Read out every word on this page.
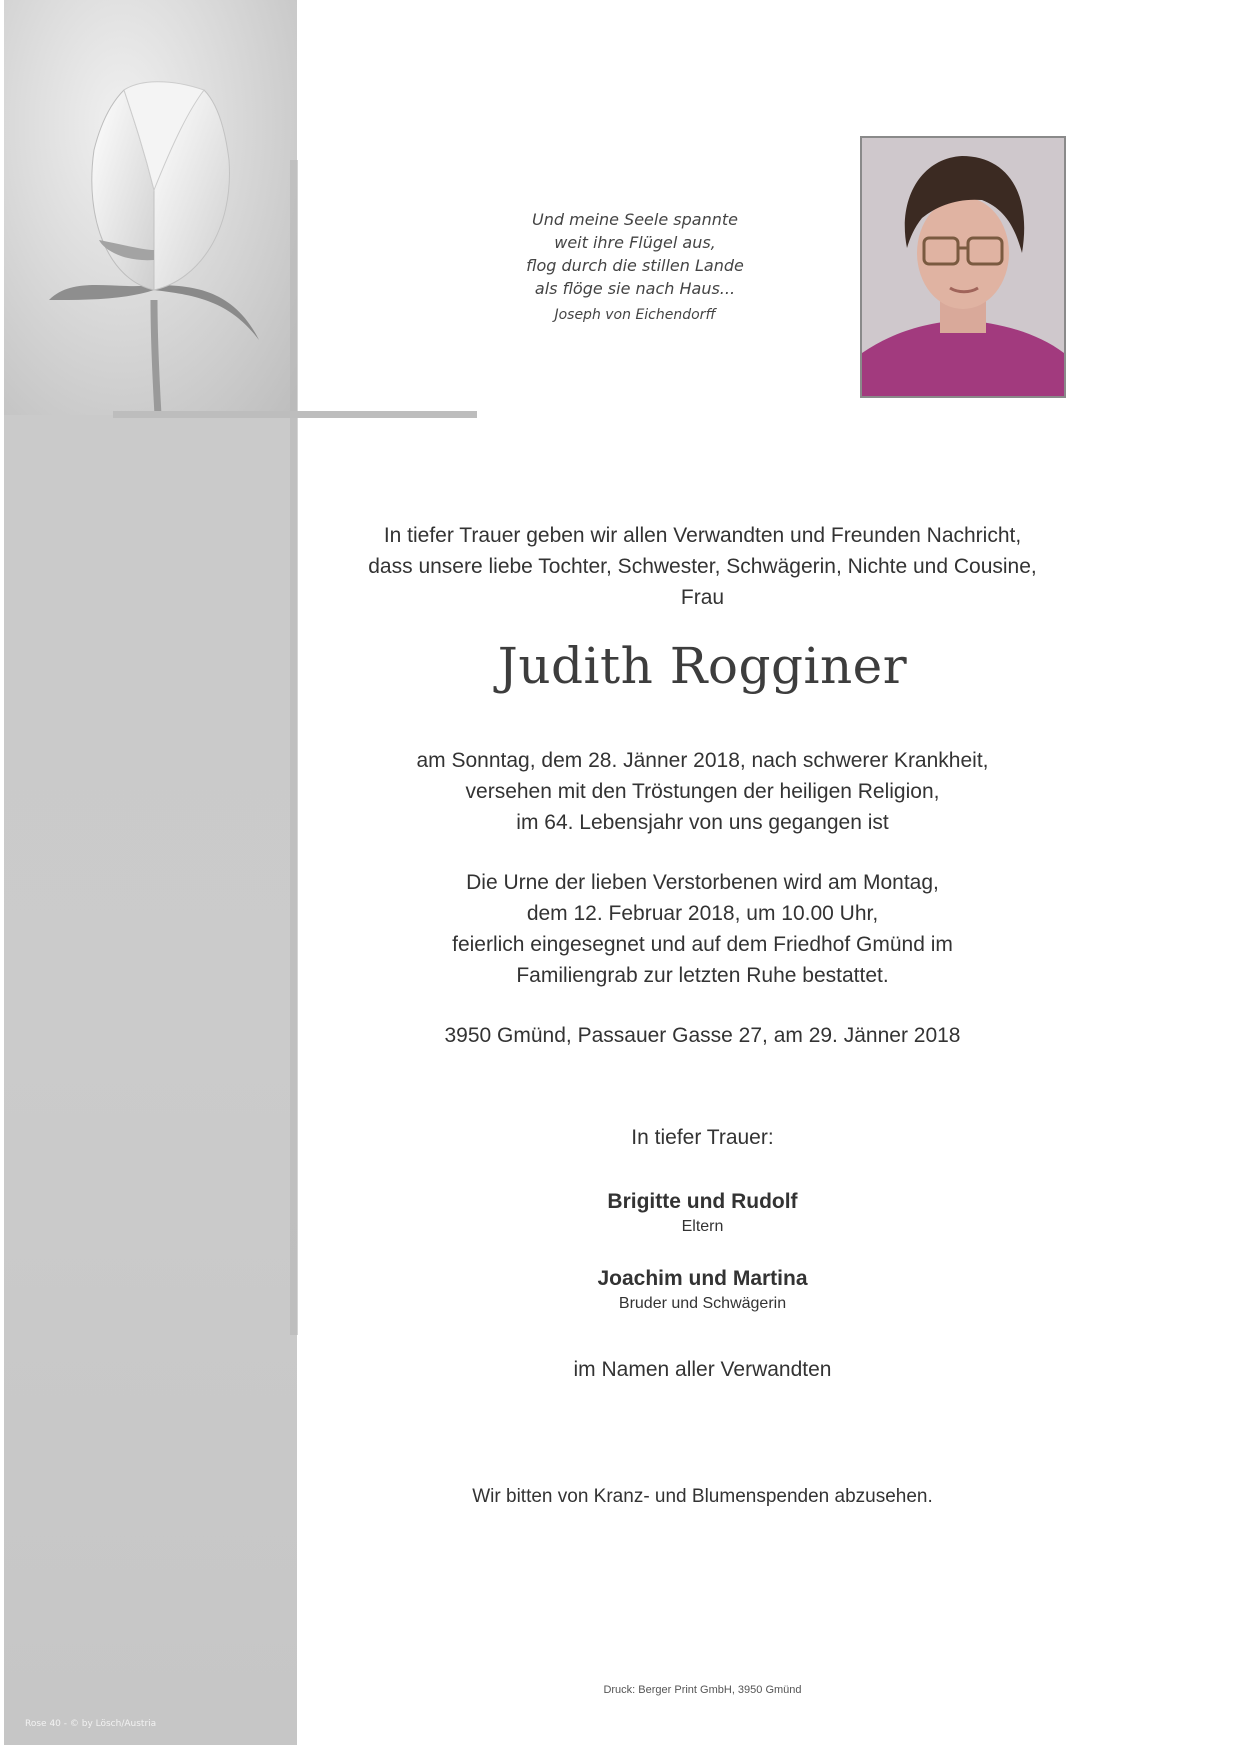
Rose 40 - © by Lösch/Austria

Und meine Seele spannte

weit ihre Flügel aus,

flog durch die stillen Lande

als flöge sie nach Haus...

Joseph von Eichendorff

In tiefer Trauer geben wir allen Verwandten und Freunden Nachricht,

dass unsere liebe Tochter, Schwester, Schwägerin, Nichte und Cousine,

Frau

Judith Rogginer

am Sonntag, dem 28. Jänner 2018, nach schwerer Krankheit,

versehen mit den Tröstungen der heiligen Religion,

im 64. Lebensjahr von uns gegangen ist

Die Urne der lieben Verstorbenen wird am Montag,

dem 12. Februar 2018, um 10.00 Uhr,

feierlich eingesegnet und auf dem Friedhof Gmünd im

Familiengrab zur letzten Ruhe bestattet.

3950 Gmünd, Passauer Gasse 27, am 29. Jänner 2018
In tiefer Trauer:

Brigitte und Rudolf

Eltern

Joachim und Martina

Bruder und Schwägerin

im Namen aller Verwandten
Wir bitten von Kranz- und Blumenspenden abzusehen.
Druck: Berger Print GmbH, 3950 Gmünd
